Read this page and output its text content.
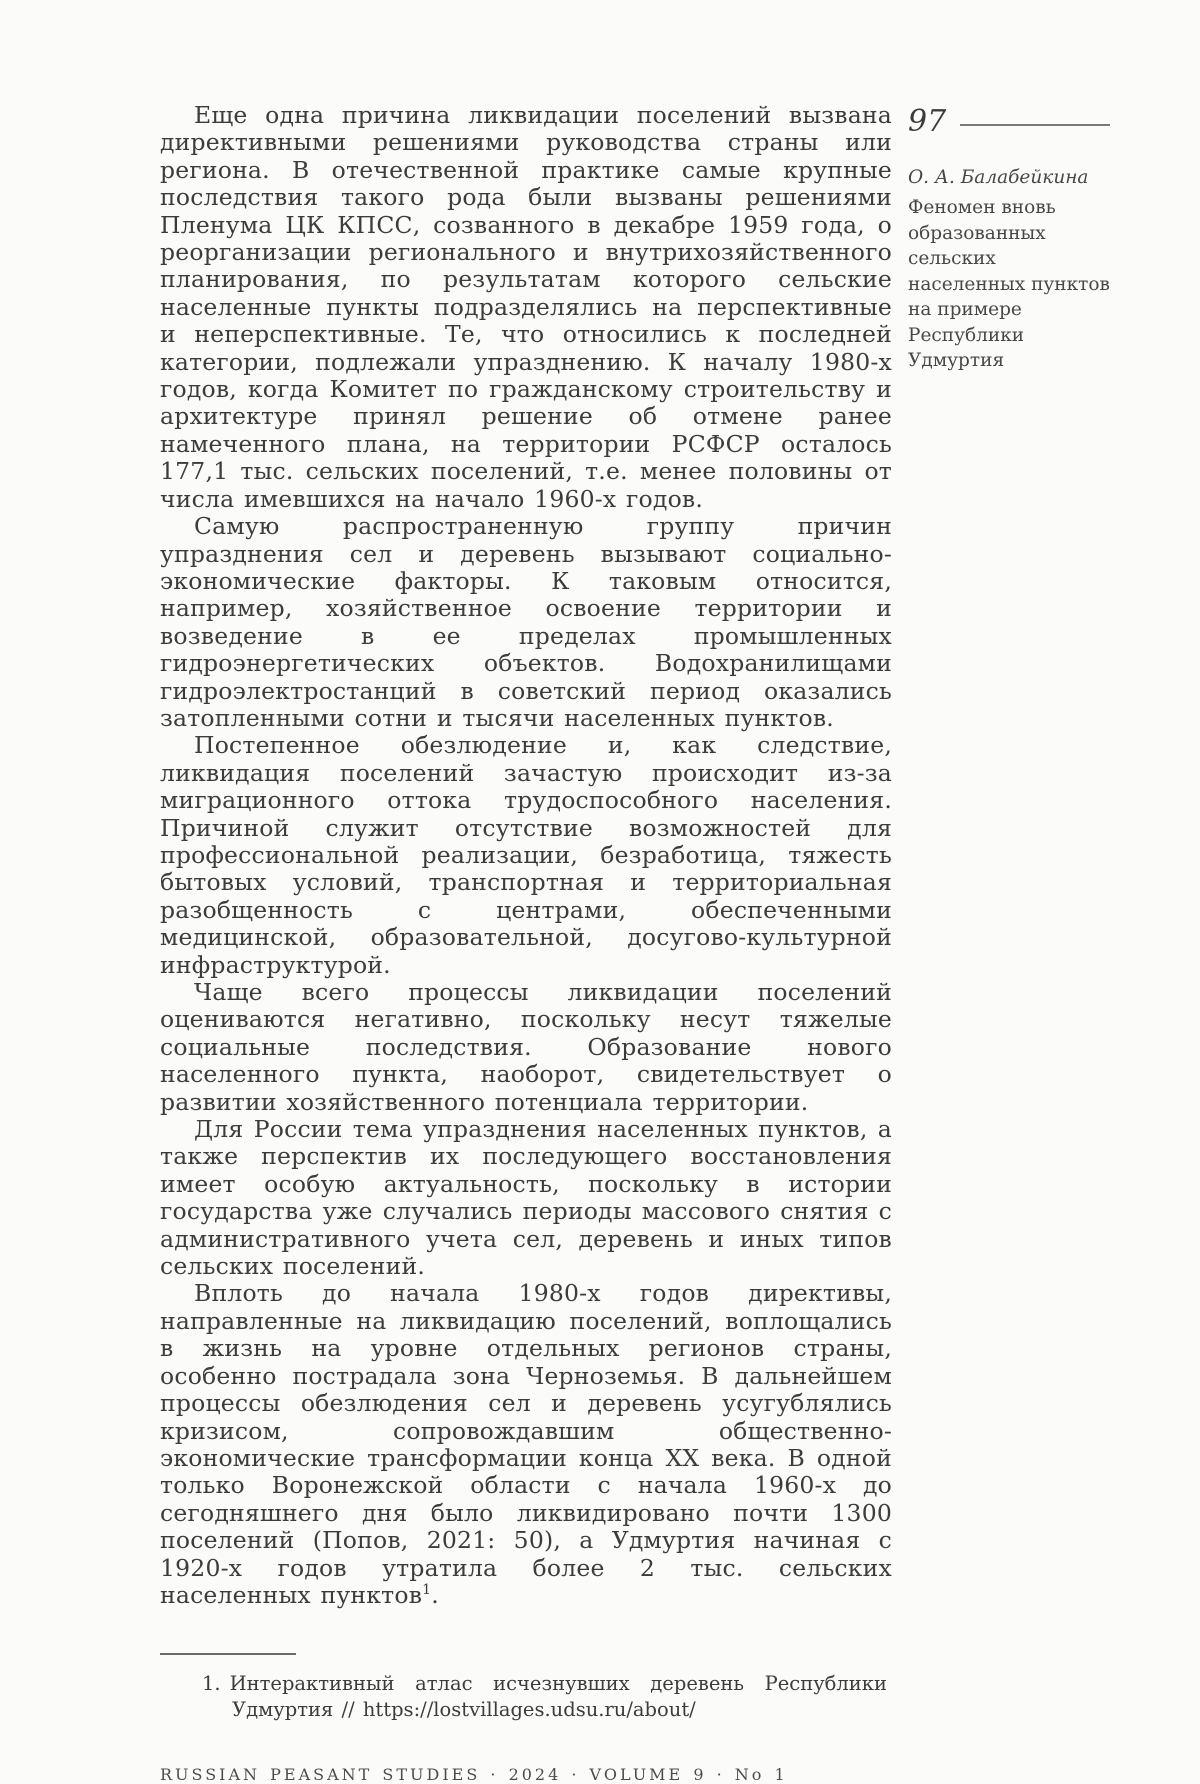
Еще одна причина ликвидации поселений вызвана директивными решениями руководства страны или региона. В отечественной практике самые крупные последствия такого рода были вызваны решениями Пленума ЦК КПСС, созванного в декабре 1959 года, о реорганизации регионального и внутрихозяйственного планирования, по результатам которого сельские населенные пункты подразделялись на перспективные и неперспективные. Те, что относились к последней категории, подлежали упразднению. К началу 1980-х годов, когда Комитет по гражданскому строительству и архитектуре принял решение об отмене ранее намеченного плана, на территории РСФСР осталось 177,1 тыс. сельских поселений, т.е. менее половины от числа имевшихся на начало 1960-х годов.

Самую распространенную группу причин упразднения сел и деревень вызывают социально-экономические факторы. К таковым относится, например, хозяйственное освоение территории и возведение в ее пределах промышленных гидроэнергетических объектов. Водохранилищами гидроэлектростанций в советский период оказались затопленными сотни и тысячи населенных пунктов.

Постепенное обезлюдение и, как следствие, ликвидация поселений зачастую происходит из-за миграционного оттока трудоспособного населения. Причиной служит отсутствие возможностей для профессиональной реализации, безработица, тяжесть бытовых условий, транспортная и территориальная разобщенность с центрами, обеспеченными медицинской, образовательной, досугово-культурной инфраструктурой.

Чаще всего процессы ликвидации поселений оцениваются негативно, поскольку несут тяжелые социальные последствия. Образование нового населенного пункта, наоборот, свидетельствует о развитии хозяйственного потенциала территории.

Для России тема упразднения населенных пунктов, а также перспектив их последующего восстановления имеет особую актуальность, поскольку в истории государства уже случались периоды массового снятия с административного учета сел, деревень и иных типов сельских поселений.

Вплоть до начала 1980-х годов директивы, направленные на ликвидацию поселений, воплощались в жизнь на уровне отдельных регионов страны, особенно пострадала зона Черноземья. В дальнейшем процессы обезлюдения сел и деревень усугублялись кризисом, сопровождавшим общественно-экономические трансформации конца XX века. В одной только Воронежской области с начала 1960-х до сегодняшнего дня было ликвидировано почти 1300 поселений (Попов, 2021: 50), а Удмуртия начиная с 1920-х годов утратила более 2 тыс. сельских населенных пунктов$^1$.

1. Интерактивный атлас исчезнувших деревень Республики Удмуртия // https://lostvillages.udsu.ru/about/
RUSSIAN PEASANT STUDIES · 2024 · VOLUME 9 · No 1
97
О. А. Балабейкина
Феномен вновь образованных сельских населенных пунктов на примере Республики Удмуртия
